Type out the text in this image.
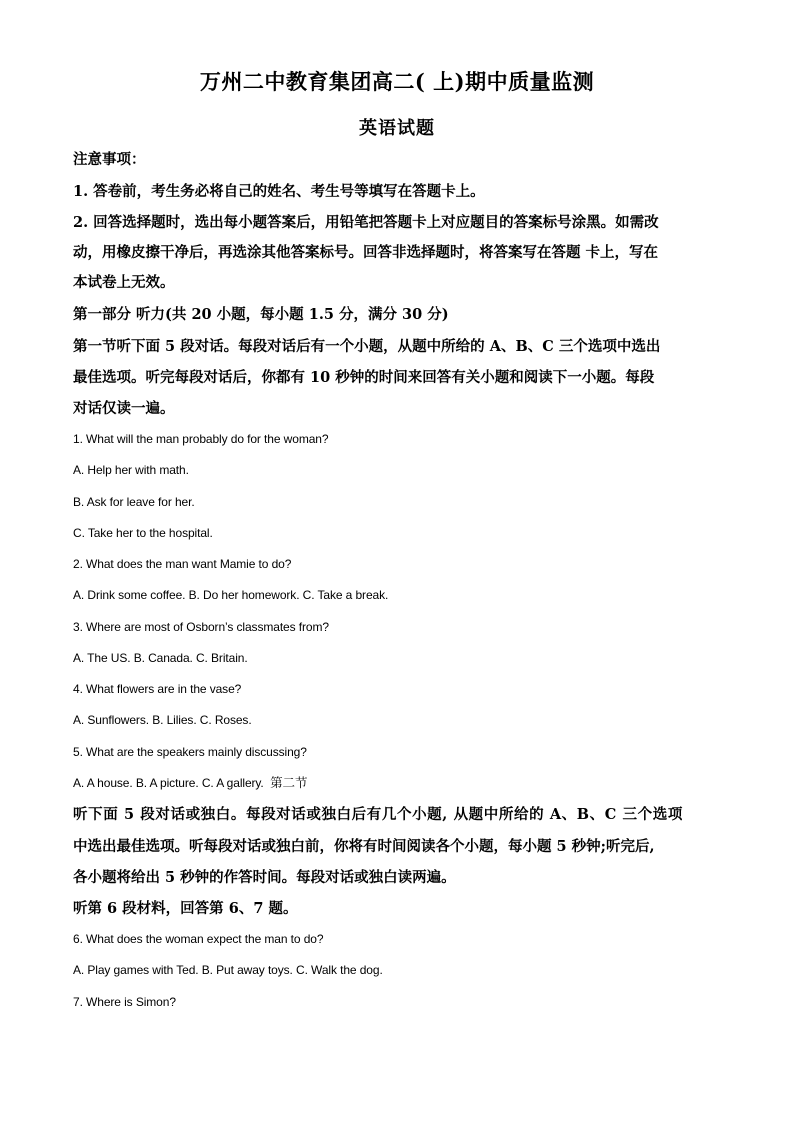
万州二中教育集团高二( 上)期中质量监测
英语试题
注意事项：
1. 答卷前，考生务必将自己的姓名、考生号等填写在答题卡上。
2. 回答选择题时，选出每小题答案后，用铅笔把答题卡上对应题目的答案标号涂黑。如需改
动，用橡皮擦干净后，再选涂其他答案标号。回答非选择题时，将答案写在答题 卡上，写在
本试卷上无效。
第一部分 听力(共 20 小题，每小题 1.5 分，满分 30 分)
第一节听下面 5 段对话。每段对话后有一个小题，从题中所给的 A、B、C 三个选项中选出
最佳选项。听完每段对话后，你都有 10 秒钟的时间来回答有关小题和阅读下一小题。每段
对话仅读一遍。
1. What will the man probably do for the woman?
A. Help her with math.
B. Ask for leave for her.
C. Take her to the hospital.
2. What does the man want Mamie to do?
A. Drink some coffee. B. Do her homework. C. Take a break.
3. Where are most of Osborn’s classmates from?
A. The US. B. Canada. C. Britain.
4. What flowers are in the vase?
A. Sunflowers. B. Lilies. C. Roses.
5. What are the speakers mainly discussing?
A. A house. B. A picture. C. A gallery. 第二节
听下面 5 段对话或独白。每段对话或独白后有几个小题, 从题中所给的 A、B、C 三个选项
中选出最佳选项。听每段对话或独白前，你将有时间阅读各个小题，每小题 5 秒钟;听完后,
各小题将给出 5 秒钟的作答时间。每段对话或独白读两遍。
听第 6 段材料，回答第 6、7 题。
6. What does the woman expect the man to do?
A. Play games with Ted. B. Put away toys. C. Walk the dog.
7. Where is Simon?
